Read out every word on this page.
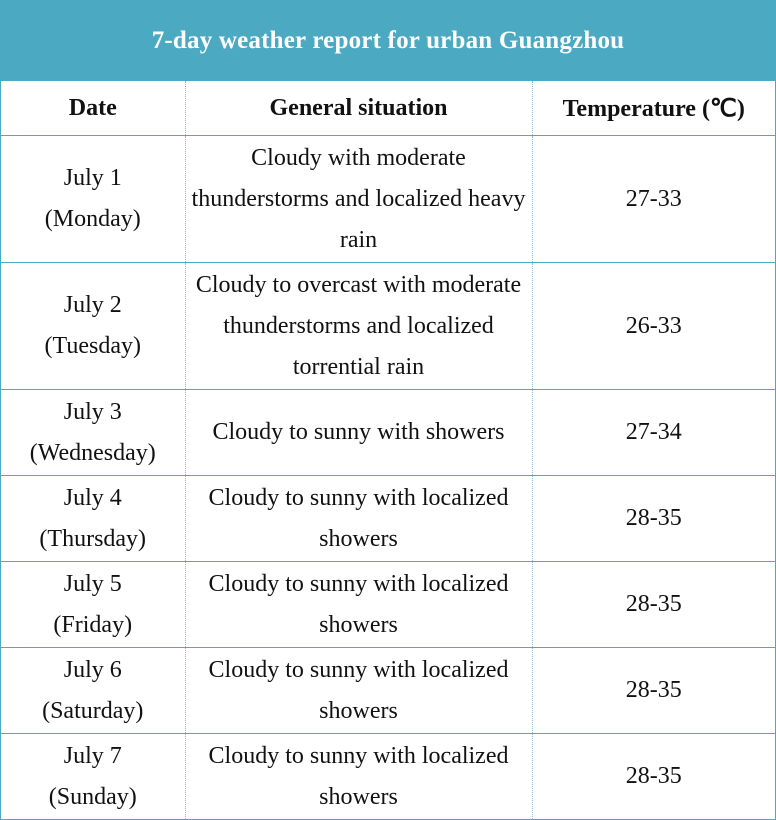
7-day weather report for urban Guangzhou
Date	General situation	Temperature (℃)
July 1
(Monday)	Cloudy with moderate thunderstorms and localized heavy rain	27-33
July 2
(Tuesday)	Cloudy to overcast with moderate thunderstorms and localized torrential rain	26-33
July 3
(Wednesday)	Cloudy to sunny with showers	27-34
July 4
(Thursday)	Cloudy to sunny with localized showers	28-35
July 5
(Friday)	Cloudy to sunny with localized showers	28-35
July 6
(Saturday)	Cloudy to sunny with localized showers	28-35
July 7
(Sunday)	Cloudy to sunny with localized showers	28-35
